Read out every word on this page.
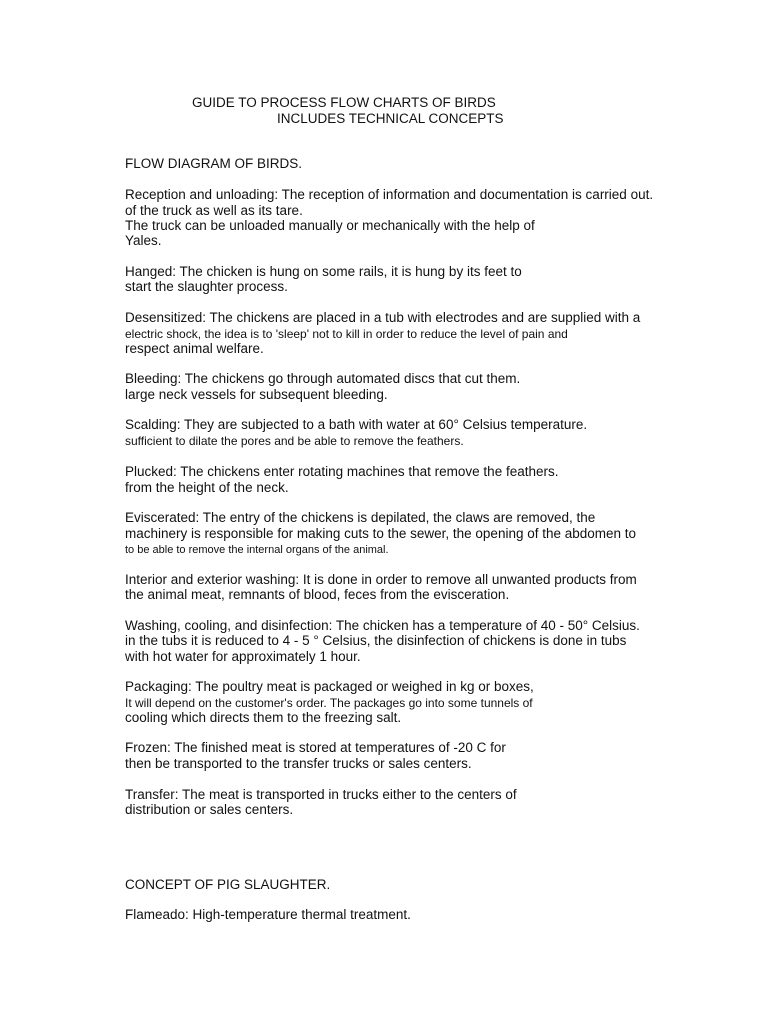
GUIDE TO PROCESS FLOW CHARTS OF BIRDS
INCLUDES TECHNICAL CONCEPTS
FLOW DIAGRAM OF BIRDS.
Reception and unloading: The reception of information and documentation is carried out.
of the truck as well as its tare.
The truck can be unloaded manually or mechanically with the help of
Yales.
Hanged: The chicken is hung on some rails, it is hung by its feet to
start the slaughter process.
Desensitized: The chickens are placed in a tub with electrodes and are supplied with a
electric shock, the idea is to 'sleep' not to kill in order to reduce the level of pain and
respect animal welfare.
Bleeding: The chickens go through automated discs that cut them.
large neck vessels for subsequent bleeding.
Scalding: They are subjected to a bath with water at 60° Celsius temperature.
sufficient to dilate the pores and be able to remove the feathers.
Plucked: The chickens enter rotating machines that remove the feathers.
from the height of the neck.
Eviscerated: The entry of the chickens is depilated, the claws are removed, the
machinery is responsible for making cuts to the sewer, the opening of the abdomen to
to be able to remove the internal organs of the animal.
Interior and exterior washing: It is done in order to remove all unwanted products from
the animal meat, remnants of blood, feces from the evisceration.
Washing, cooling, and disinfection: The chicken has a temperature of 40 - 50° Celsius.
in the tubs it is reduced to 4 - 5 ° Celsius, the disinfection of chickens is done in tubs
with hot water for approximately 1 hour.
Packaging: The poultry meat is packaged or weighed in kg or boxes,
It will depend on the customer's order. The packages go into some tunnels of
cooling which directs them to the freezing salt.
Frozen: The finished meat is stored at temperatures of -20 C for
then be transported to the transfer trucks or sales centers.
Transfer: The meat is transported in trucks either to the centers of
distribution or sales centers.
CONCEPT OF PIG SLAUGHTER.
Flameado: High-temperature thermal treatment.
